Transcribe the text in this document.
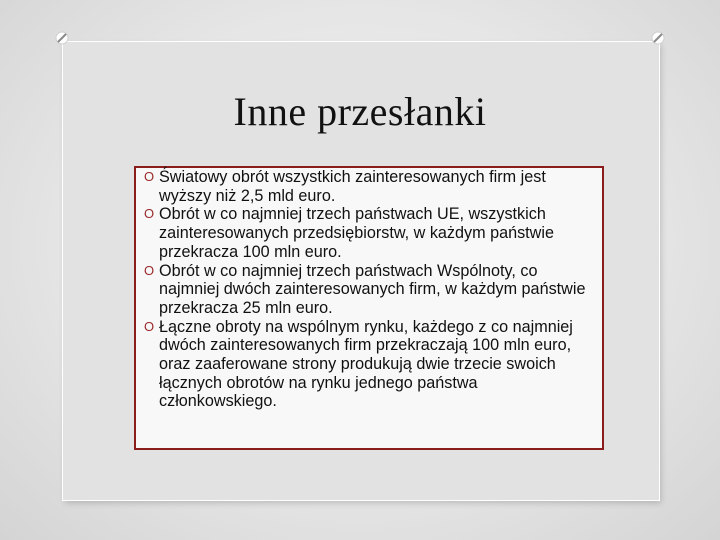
Inne przesłanki
O Światowy obrót wszystkich zainteresowanych firm jest wyższy niż 2,5 mld euro.
O Obrót w co najmniej trzech państwach UE, wszystkich zainteresowanych przedsiębiorstw, w każdym państwie przekracza 100 mln euro.
O Obrót w co najmniej trzech państwach Wspólnoty, co najmniej dwóch zainteresowanych firm, w każdym państwie przekracza 25 mln euro.
O Łączne obroty na wspólnym rynku, każdego z co najmniej dwóch zainteresowanych firm przekraczają 100 mln euro, oraz zaaferowane strony produkują dwie trzecie swoich łącznych obrotów na rynku jednego państwa członkowskiego.
